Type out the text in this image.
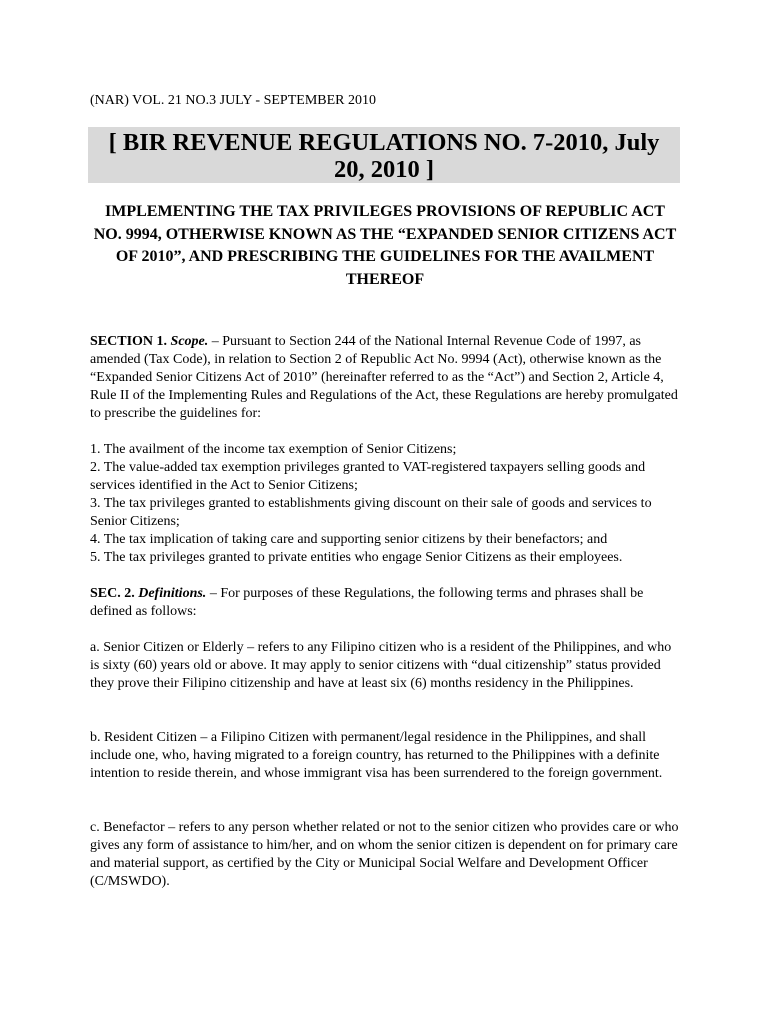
(NAR) VOL. 21 NO.3 JULY - SEPTEMBER 2010
[ BIR REVENUE REGULATIONS NO. 7-2010, July 20, 2010 ]
IMPLEMENTING THE TAX PRIVILEGES PROVISIONS OF REPUBLIC ACT NO. 9994, OTHERWISE KNOWN AS THE “EXPANDED SENIOR CITIZENS ACT OF 2010”, AND PRESCRIBING THE GUIDELINES FOR THE AVAILMENT THEREOF

SECTION 1. Scope. – Pursuant to Section 244 of the National Internal Revenue Code of 1997, as amended (Tax Code), in relation to Section 2 of Republic Act No. 9994 (Act), otherwise known as the “Expanded Senior Citizens Act of 2010” (hereinafter referred to as the “Act”) and Section 2, Article 4, Rule II of the Implementing Rules and Regulations of the Act, these Regulations are hereby promulgated to prescribe the guidelines for:

1. The availment of the income tax exemption of Senior Citizens;
2. The value-added tax exemption privileges granted to VAT-registered taxpayers selling goods and services identified in the Act to Senior Citizens;
3. The tax privileges granted to establishments giving discount on their sale of goods and services to Senior Citizens;
4. The tax implication of taking care and supporting senior citizens by their benefactors; and
5. The tax privileges granted to private entities who engage Senior Citizens as their employees.

SEC. 2. Definitions. – For purposes of these Regulations, the following terms and phrases shall be defined as follows:

a. Senior Citizen or Elderly – refers to any Filipino citizen who is a resident of the Philippines, and who is sixty (60) years old or above. It may apply to senior citizens with “dual citizenship” status provided they prove their Filipino citizenship and have at least six (6) months residency in the Philippines.

b. Resident Citizen – a Filipino Citizen with permanent/legal residence in the Philippines, and shall include one, who, having migrated to a foreign country, has returned to the Philippines with a definite intention to reside therein, and whose immigrant visa has been surrendered to the foreign government.

c. Benefactor – refers to any person whether related or not to the senior citizen who provides care or who gives any form of assistance to him/her, and on whom the senior citizen is dependent on for primary care and material support, as certified by the City or Municipal Social Welfare and Development Officer (C/MSWDO).
